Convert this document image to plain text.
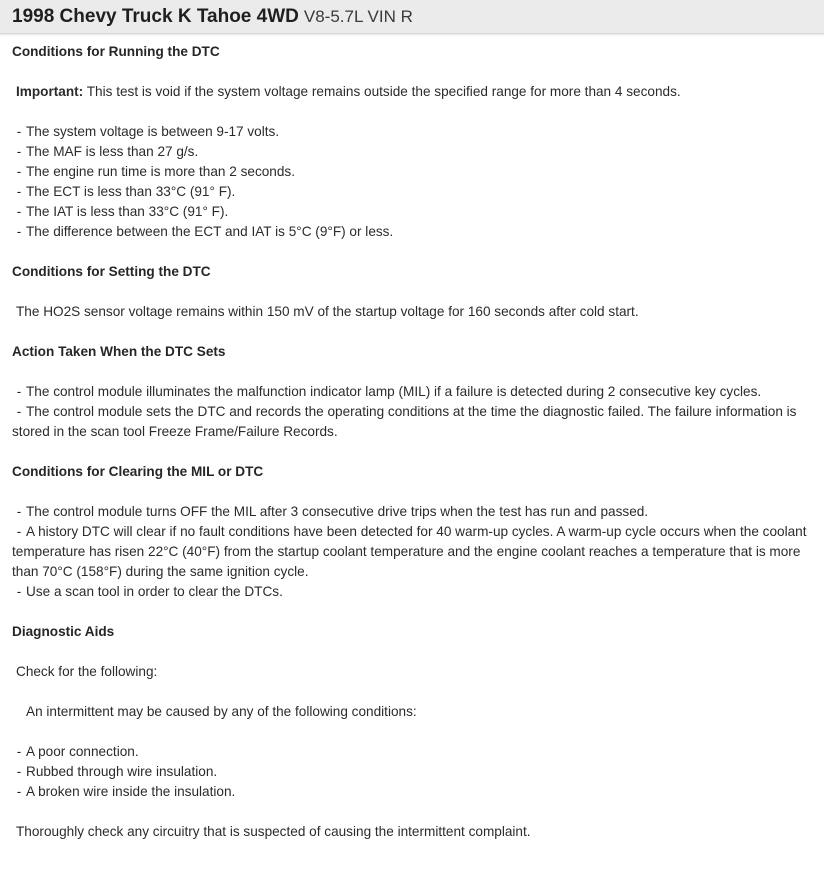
1998 Chevy Truck K Tahoe 4WD V8-5.7L VIN R
Conditions for Running the DTC

Important: This test is void if the system voltage remains outside the specified range for more than 4 seconds.

- The system voltage is between 9-17 volts.
- The MAF is less than 27 g/s.
- The engine run time is more than 2 seconds.
- The ECT is less than 33°C (91° F).
- The IAT is less than 33°C (91° F).
- The difference between the ECT and IAT is 5°C (9°F) or less.
Conditions for Setting the DTC

The HO2S sensor voltage remains within 150 mV of the startup voltage for 160 seconds after cold start.

Action Taken When the DTC Sets
- The control module illuminates the malfunction indicator lamp (MIL) if a failure is detected during 2 consecutive key cycles.
- The control module sets the DTC and records the operating conditions at the time the diagnostic failed. The failure information is stored in the scan tool Freeze Frame/Failure Records.
Conditions for Clearing the MIL or DTC
- The control module turns OFF the MIL after 3 consecutive drive trips when the test has run and passed.
- A history DTC will clear if no fault conditions have been detected for 40 warm-up cycles. A warm-up cycle occurs when the coolant temperature has risen 22°C (40°F) from the startup coolant temperature and the engine coolant reaches a temperature that is more than 70°C (158°F) during the same ignition cycle.
- Use a scan tool in order to clear the DTCs.
Diagnostic Aids

Check for the following:

An intermittent may be caused by any of the following conditions:

- A poor connection.
- Rubbed through wire insulation.
- A broken wire inside the insulation.

Thoroughly check any circuitry that is suspected of causing the intermittent complaint.
